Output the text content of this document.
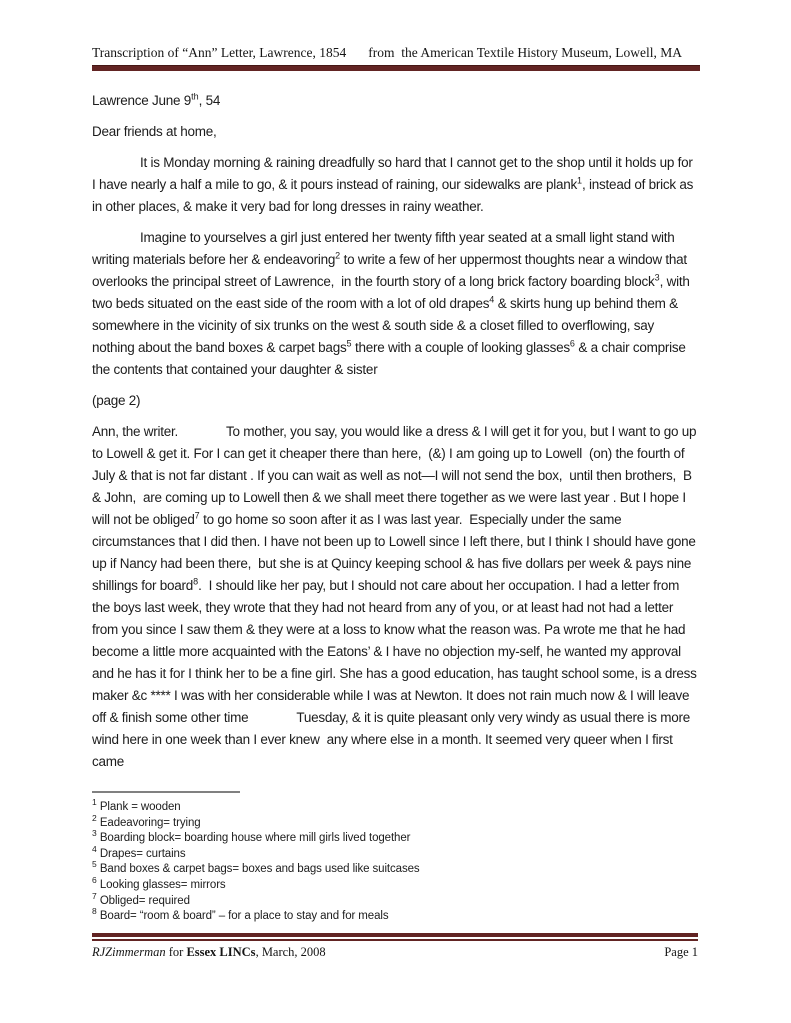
Transcription of “Ann” Letter, Lawrence, 1854 from  the American Textile History Museum, Lowell, MA

Lawrence June 9th, 54

Dear friends at home,

It is Monday morning & raining dreadfully so hard that I cannot get to the shop until it holds up for I have nearly a half a mile to go, & it pours instead of raining, our sidewalks are plank$^1$, instead of brick as in other places, & make it very bad for long dresses in rainy weather.

Imagine to yourselves a girl just entered her twenty fifth year seated at a small light stand with writing materials before her & endeavoring$^2$ to write a few of her uppermost thoughts near a window that overlooks the principal street of Lawrence,  in the fourth story of a long brick factory boarding block$^3$, with two beds situated on the east side of the room with a lot of old drapes$^4$ & skirts hung up behind them & somewhere in the vicinity of six trunks on the west & south side & a closet filled to overflowing, say nothing about the band boxes & carpet bags$^5$ there with a couple of looking glasses$^6$ & a chair comprise the contents that contained your daughter & sister

(page 2)

Ann, the writer.	To mother, you say, you would like a dress & I will get it for you, but I want to go up to Lowell & get it. For I can get it cheaper there than here,  (&) I am going up to Lowell  (on) the fourth of July & that is not far distant . If you can wait as well as not—I will not send the box,  until then brothers,  B & John,  are coming up to Lowell then & we shall meet there together as we were last year . But I hope I will not be obliged$^7$ to go home so soon after it as I was last year.  Especially under the same circumstances that I did then. I have not been up to Lowell since I left there, but I think I should have gone up if Nancy had been there,  but she is at Quincy keeping school & has five dollars per week & pays nine shillings for board$^8$.  I should like her pay, but I should not care about her occupation. I had a letter from the boys last week, they wrote that they had not heard from any of you, or at least had not had a letter from you since I saw them & they were at a loss to know what the reason was. Pa wrote me that he had become a little more acquainted with the Eatons’ & I have no objection my-self, he wanted my approval and he has it for I think her to be a fine girl. She has a good education, has taught school some, is a dress maker &c **** I was with her considerable while I was at Newton. It does not rain much now & I will leave off & finish some other time	Tuesday, & it is quite pleasant only very windy as usual there is more wind here in one week than I ever knew  any where else in a month. It seemed very queer when I first came

$^1$ Plank = wooden
$^2$ Eadeavoring= trying
$^3$ Boarding block= boarding house where mill girls lived together
$^4$ Drapes= curtains
$^5$ Band boxes & carpet bags= boxes and bags used like suitcases
$^6$ Looking glasses= mirrors
$^7$ Obliged= required
$^8$ Board= “room & board” – for a place to stay and for meals
RJZimmerman for Essex LINCs, March, 2008	Page 1
